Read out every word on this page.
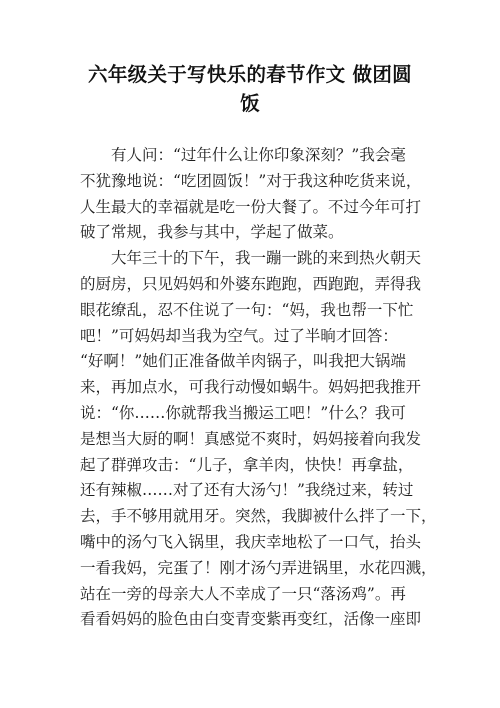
六年级关于写快乐的春节作文 做团圆
饭
有人问：“过年什么让你印象深刻？”我会毫
不犹豫地说：“吃团圆饭！”对于我这种吃货来说，
人生最大的幸福就是吃一份大餐了。不过今年可打
破了常规，我参与其中，学起了做菜。
大年三十的下午，我一蹦一跳的来到热火朝天
的厨房，只见妈妈和外婆东跑跑，西跑跑，弄得我
眼花缭乱，忍不住说了一句：“妈，我也帮一下忙
吧！”可妈妈却当我为空气。过了半晌才回答：
“好啊！”她们正准备做羊肉锅子，叫我把大锅端
来，再加点水，可我行动慢如蜗牛。妈妈把我推开
说：“你……你就帮我当搬运工吧！”什么？我可
是想当大厨的啊！真感觉不爽时，妈妈接着向我发
起了群弹攻击：“儿子，拿羊肉，快快！再拿盐，
还有辣椒……对了还有大汤勺！”我绕过来，转过
去，手不够用就用牙。突然，我脚被什么拌了一下，
嘴中的汤勺飞入锅里，我庆幸地松了一口气，抬头
一看我妈，完蛋了！刚才汤勺弄进锅里，水花四溅，
站在一旁的母亲大人不幸成了一只“落汤鸡”。再
看看妈妈的脸色由白变青变紫再变红，活像一座即
